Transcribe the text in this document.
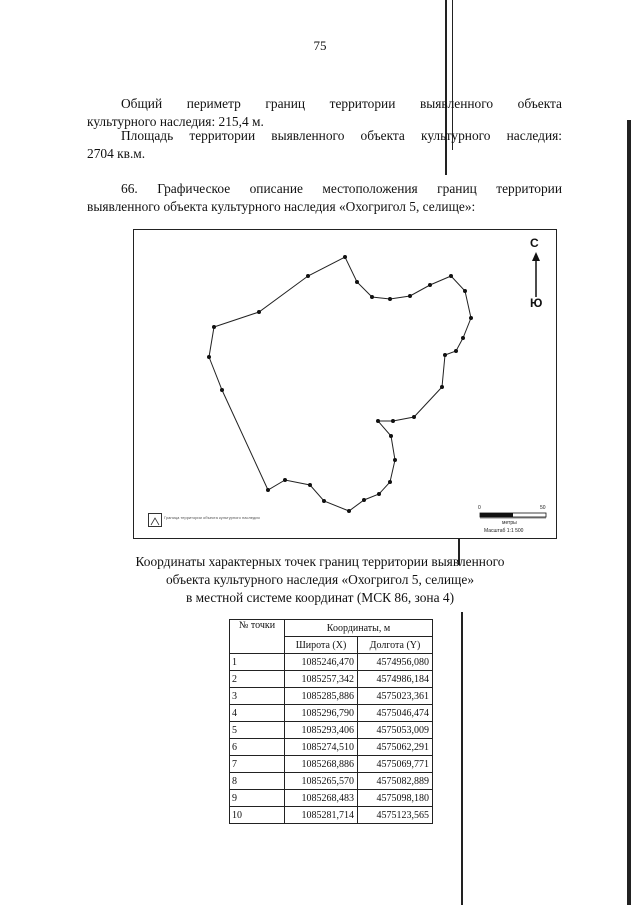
75
Общий периметр границ территории выявленного объекта
культурного наследия: 215,4 м.
Площадь территории выявленного объекта культурного наследия:
2704 кв.м.
66. Графическое описание местоположения границ территории
выявленного объекта культурного наследия «Охогригол 5, селище»:
С
Ю
Граница территории объекта культурного наследия
0	50
метры
Масштаб 1:1 500
Координаты характерных точек границ территории выявленного
объекта культурного наследия «Охогригол 5, селище»
в местной системе координат (МСК 86, зона 4)
№ точки	Координаты, м	
	Широта (X)	Долгота (Y)
1	1085246,470	4574956,080
2	1085257,342	4574986,184
3	1085285,886	4575023,361
4	1085296,790	4575046,474
5	1085293,406	4575053,009
6	1085274,510	4575062,291
7	1085268,886	4575069,771
8	1085265,570	4575082,889
9	1085268,483	4575098,180
10	1085281,714	4575123,565
